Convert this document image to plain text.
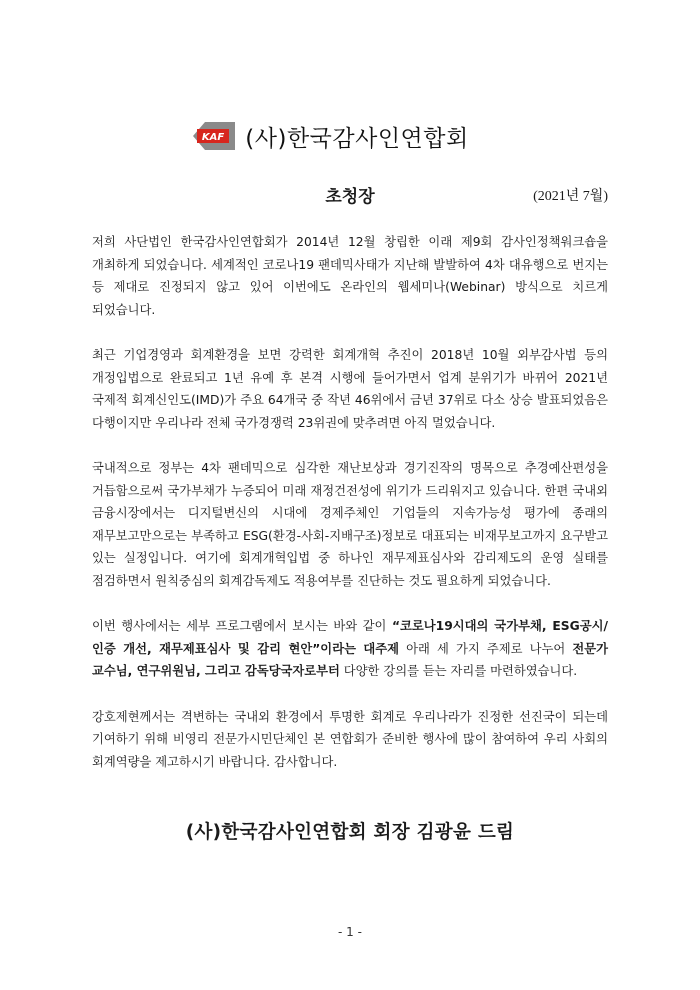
KAF (사)한국감사인연합회
초청장	(2021년 7월)

저희 사단법인 한국감사인연합회가 2014년 12월 창립한 이래 제9회 감사인정책워크숍을 개최하게 되었습니다. 세계적인 코로나19 팬데믹사태가 지난해 발발하여 4차 대유행으로 번지는 등 제대로 진정되지 않고 있어 이번에도 온라인의 웹세미나(Webinar) 방식으로 치르게 되었습니다.

최근 기업경영과 회계환경을 보면 강력한 회계개혁 추진이 2018년 10월 외부감사법 등의 개정입법으로 완료되고 1년 유예 후 본격 시행에 들어가면서 업계 분위기가 바뀌어 2021년 국제적 회계신인도(IMD)가 주요 64개국 중 작년 46위에서 금년 37위로 다소 상승 발표되었음은 다행이지만 우리나라 전체 국가경쟁력 23위권에 맞추려면 아직 멀었습니다.

국내적으로 정부는 4차 팬데믹으로 심각한 재난보상과 경기진작의 명목으로 추경예산편성을 거듭함으로써 국가부채가 누증되어 미래 재정건전성에 위기가 드리워지고 있습니다. 한편 국내외 금융시장에서는 디지털변신의 시대에 경제주체인 기업들의 지속가능성 평가에 종래의 재무보고만으로는 부족하고 ESG(환경-사회-지배구조)정보로 대표되는 비재무보고까지 요구받고 있는 실정입니다. 여기에 회계개혁입법 중 하나인 재무제표심사와 감리제도의 운영 실태를 점검하면서 원칙중심의 회계감독제도 적용여부를 진단하는 것도 필요하게 되었습니다.

이번 행사에서는 세부 프로그램에서 보시는 바와 같이 “코로나19시대의 국가부채, ESG공시/인증 개선, 재무제표심사 및 감리 현안”이라는 대주제 아래 세 가지 주제로 나누어 전문가 교수님, 연구위원님, 그리고 감독당국자로부터 다양한 강의를 듣는 자리를 마련하였습니다.

강호제현께서는 격변하는 국내외 환경에서 투명한 회계로 우리나라가 진정한 선진국이 되는데 기여하기 위해 비영리 전문가시민단체인 본 연합회가 준비한 행사에 많이 참여하여 우리 사회의 회계역량을 제고하시기 바랍니다. 감사합니다.

(사)한국감사인연합회 회장 김광윤 드림
- 1 -
